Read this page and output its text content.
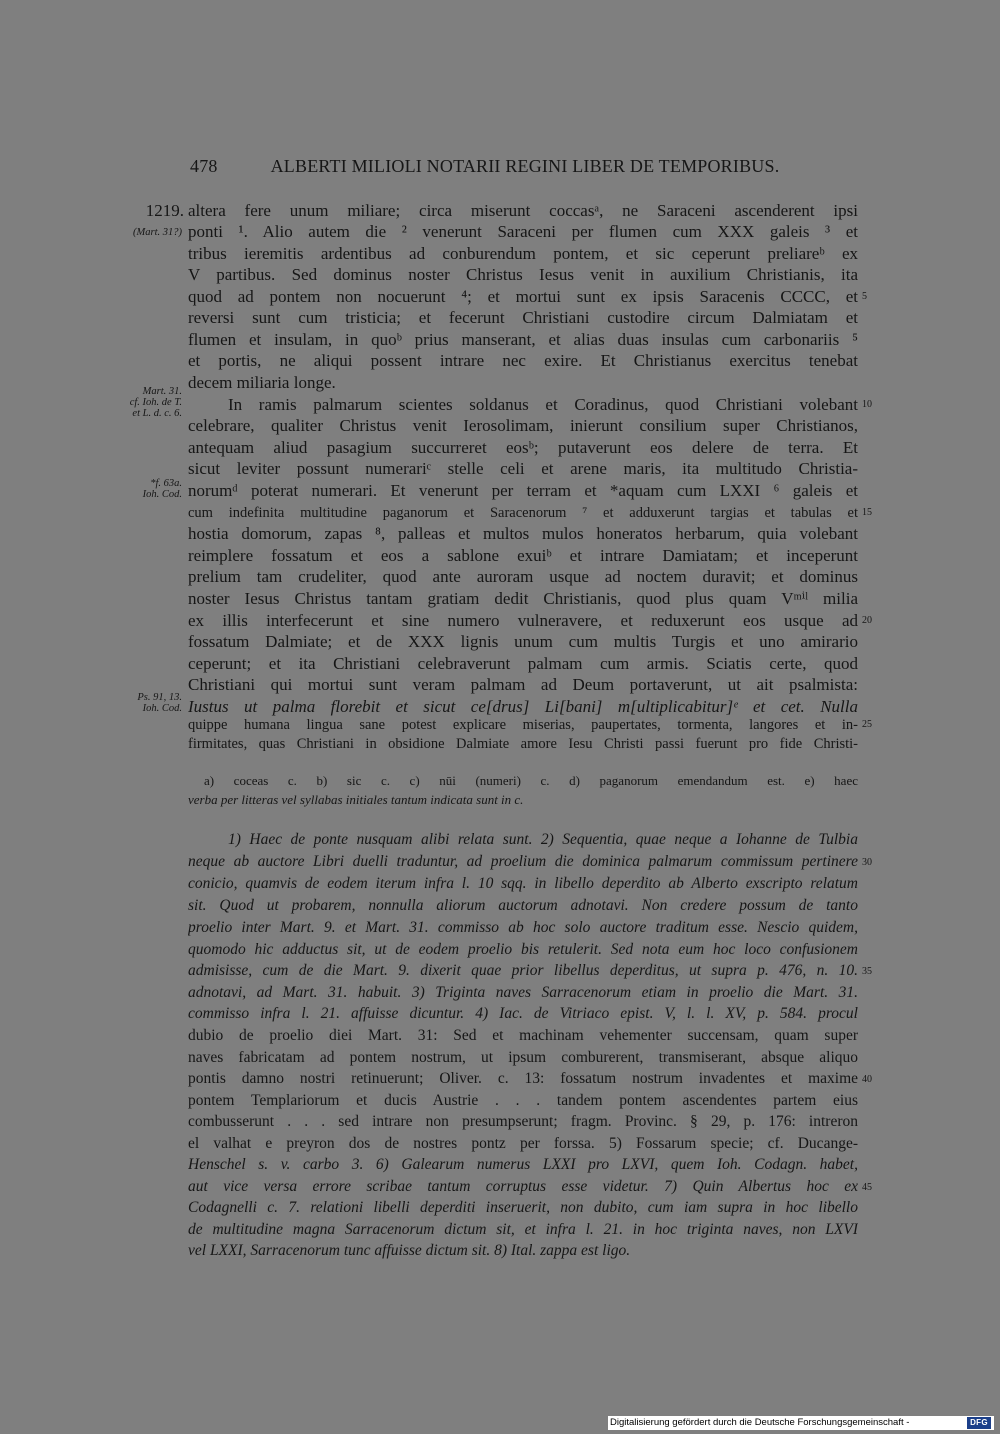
478	ALBERTI MILIOLI NOTARII REGINI LIBER DE TEMPORIBUS.
1219.
(Mart. 31?)
Mart. 31.
cf. Ioh. de T.
et L. d. c. 6.
*f. 63a.
Ioh. Cod.
Ps. 91, 13.
Ioh. Cod.
5
10
15
20
25
30
35
40
45
altera fere unum miliare; circa miserunt coccasᵃ, ne Saraceni ascenderent ipsi
ponti ¹. Alio autem die ² venerunt Saraceni per flumen cum XXX galeis ³ et
tribus ieremitis ardentibus ad conburendum pontem, et sic ceperunt preliareᵇ ex
V partibus. Sed dominus noster Christus Iesus venit in auxilium Christianis, ita
quod ad pontem non nocuerunt ⁴; et mortui sunt ex ipsis Saracenis CCCC, et
reversi sunt cum tristicia; et fecerunt Christiani custodire circum Dalmiatam et
flumen et insulam, in quoᵇ prius manserant, et alias duas insulas cum carbonariis ⁵
et portis, ne aliqui possent intrare nec exire. Et Christianus exercitus tenebat
decem miliaria longe.
In ramis palmarum scientes soldanus et Coradinus, quod Christiani volebant
celebrare, qualiter Christus venit Ierosolimam, inierunt consilium super Christianos,
antequam aliud pasagium succurreret eosᵇ; putaverunt eos delere de terra. Et
sicut leviter possunt numerariᶜ stelle celi et arene maris, ita multitudo Christia-
norumᵈ poterat numerari. Et venerunt per terram et *aquam cum LXXI ⁶ galeis et
cum indefinita multitudine paganorum et Saracenorum ⁷ et adduxerunt targias et tabulas et
hostia domorum, zapas ⁸, palleas et multos mulos honeratos herbarum, quia volebant
reimplere fossatum et eos a sablone exuiᵇ et intrare Damiatam; et inceperunt
prelium tam crudeliter, quod ante auroram usque ad noctem duravit; et dominus
noster Iesus Christus tantam gratiam dedit Christianis, quod plus quam Vᵐⁱˡ milia
ex illis interfecerunt et sine numero vulneravere, et reduxerunt eos usque ad
fossatum Dalmiate; et de XXX lignis unum cum multis Turgis et uno amirario
ceperunt; et ita Christiani celebraverunt palmam cum armis. Sciatis certe, quod
Christiani qui mortui sunt veram palmam ad Deum portaverunt, ut ait psalmista:
Iustus ut palma florebit et sicut ce[drus] Li[bani] m[ultiplicabitur]ᵉ et cet. Nulla
quippe humana lingua sane potest explicare miserias, paupertates, tormenta, langores et in-
firmitates, quas Christiani in obsidione Dalmiate amore Iesu Christi passi fuerunt pro fide Christi-
a) coceas c. b) sic c. c) nūi (numeri) c. d) paganorum emendandum est. e) haec
verba per litteras vel syllabas initiales tantum indicata sunt in c.
1) Haec de ponte nusquam alibi relata sunt. 2) Sequentia, quae neque a Iohanne de Tulbia
neque ab auctore Libri duelli traduntur, ad proelium die dominica palmarum commissum pertinere
conicio, quamvis de eodem iterum infra l. 10 sqq. in libello deperdito ab Alberto exscripto relatum
sit. Quod ut probarem, nonnulla aliorum auctorum adnotavi. Non credere possum de tanto
proelio inter Mart. 9. et Mart. 31. commisso ab hoc solo auctore traditum esse. Nescio quidem,
quomodo hic adductus sit, ut de eodem proelio bis retulerit. Sed nota eum hoc loco confusionem
admisisse, cum de die Mart. 9. dixerit quae prior libellus deperditus, ut supra p. 476, n. 10.
adnotavi, ad Mart. 31. habuit. 3) Triginta naves Sarracenorum etiam in proelio die Mart. 31.
commisso infra l. 21. affuisse dicuntur. 4) Iac. de Vitriaco epist. V, l. l. XV, p. 584. procul
dubio de proelio diei Mart. 31: Sed et machinam vehementer succensam, quam super
naves fabricatam ad pontem nostrum, ut ipsum comburerent, transmiserant, absque aliquo
pontis damno nostri retinuerunt; Oliver. c. 13: fossatum nostrum invadentes et maxime
pontem Templariorum et ducis Austrie . . . tandem pontem ascendentes partem eius
combusserunt . . . sed intrare non presumpserunt; fragm. Provinc. § 29, p. 176: intreron
el valhat e preyron dos de nostres pontz per forssa. 5) Fossarum specie; cf. Ducange-
Henschel s. v. carbo 3. 6) Galearum numerus LXXI pro LXVI, quem Ioh. Codagn. habet,
aut vice versa errore scribae tantum corruptus esse videtur. 7) Quin Albertus hoc ex
Codagnelli c. 7. relationi libelli deperditi inseruerit, non dubito, cum iam supra in hoc libello
de multitudine magna Sarracenorum dictum sit, et infra l. 21. in hoc triginta naves, non LXVI
vel LXXI, Sarracenorum tunc affuisse dictum sit. 8) Ital. zappa est ligo.
Digitalisierung gefördert durch die Deutsche Forschungsgemeinschaft -	DFG
